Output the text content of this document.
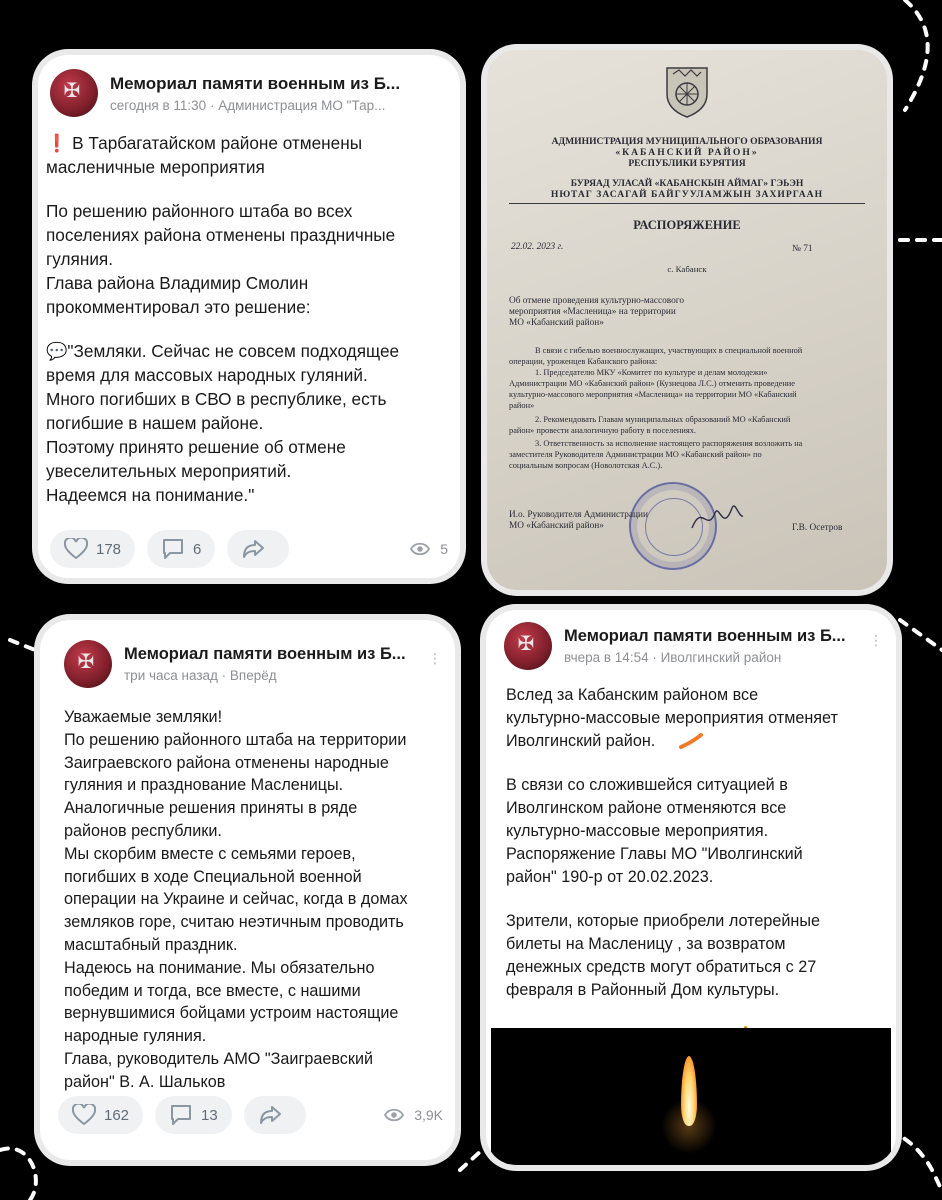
✠ Мемориал памяти военным из Б...
сегодня в 11:30 · Администрация МО "Тар...

❗ В Тарбагатайском районе отменены

масленичные мероприятия

По решению районного штаба во всех

поселениях района отменены праздничные

гуляния.

Глава района Владимир Смолин

прокомментировал это решение:

💬"Земляки. Сейчас не совсем подходящее

время для массовых народных гуляний.

Много погибших в СВО в республике, есть

погибшие в нашем районе.

Поэтому принято решение об отмене

увеселительных мероприятий.

Надеемся на понимание."

178	6	5
АДМИНИСТРАЦИЯ МУНИЦИПАЛЬНОГО ОБРАЗОВАНИЯ
«КАБАНСКИЙ РАЙОН»
РЕСПУБЛИКИ БУРЯТИЯ
БУРЯАД УЛАСАЙ «КАБАНСКЫН АЙМАГ» ГЭЬЭН
НЮТАГ ЗАСАГАЙ БАЙГУУЛАМЖЫН ЗАХИРГААН
РАСПОРЯЖЕНИЕ
22.02. 2023 г.	№ 71
с. Кабанск
Об отмене проведения культурно-массового
мероприятия «Масленица» на территории
МО «Кабанский район»
В связи с гибелью военнослужащих, участвующих в специальной военной
операции, уроженцев Кабанского района:
1. Председателю МКУ «Комитет по культуре и делам молодежи»
Администрации МО «Кабанский район» (Кузнецова Л.С.) отменить проведение
культурно-массового мероприятия «Масленица» на территории МО «Кабанский
район»
2. Рекомендовать Главам муниципальных образований МО «Кабанский
район» провести аналогичную работу в поселениях.
3. Ответственность за исполнение настоящего распоряжения возложить на
заместителя Руководителя Администрации МО «Кабанский район» по
социальным вопросам (Новолотская А.С.).
И.о. Руководителя Администрации
МО «Кабанский район»	Г.В. Осетров
✠ Мемориал памяти военным из Б...
три часа назад · Вперёд
⋮

Уважаемые земляки!

По решению районного штаба на территории

Заиграевского района отменены народные

гуляния и празднование Масленицы.

Аналогичные решения приняты в ряде

районов республики.

Мы скорбим вместе с семьями героев,

погибших в ходе Специальной военной

операции на Украине и сейчас, когда в домах

земляков горе, считаю неэтичным проводить

масштабный праздник.

Надеюсь на понимание. Мы обязательно

победим и тогда, все вместе, с нашими

вернувшимися бойцами устроим настоящие

народные гуляния.

Глава, руководитель АМО "Заиграевский

район" В. А. Шальков

162	13	3,9K
✠ Мемориал памяти военным из Б...
вчера в 14:54 · Иволгинский район
⋮

Вслед за Кабанским районом все

культурно-массовые мероприятия отменяет

Иволгинский район.

В связи со сложившейся ситуацией в

Иволгинском районе отменяются все

культурно-массовые мероприятия.

Распоряжение Главы МО "Иволгинский

район" 190-р от 20.02.2023.

Зрители, которые приобрели лотерейные

билеты на Масленицу , за возвратом

денежных средств могут обратиться с 27

февраля в Районный Дом культуры.
